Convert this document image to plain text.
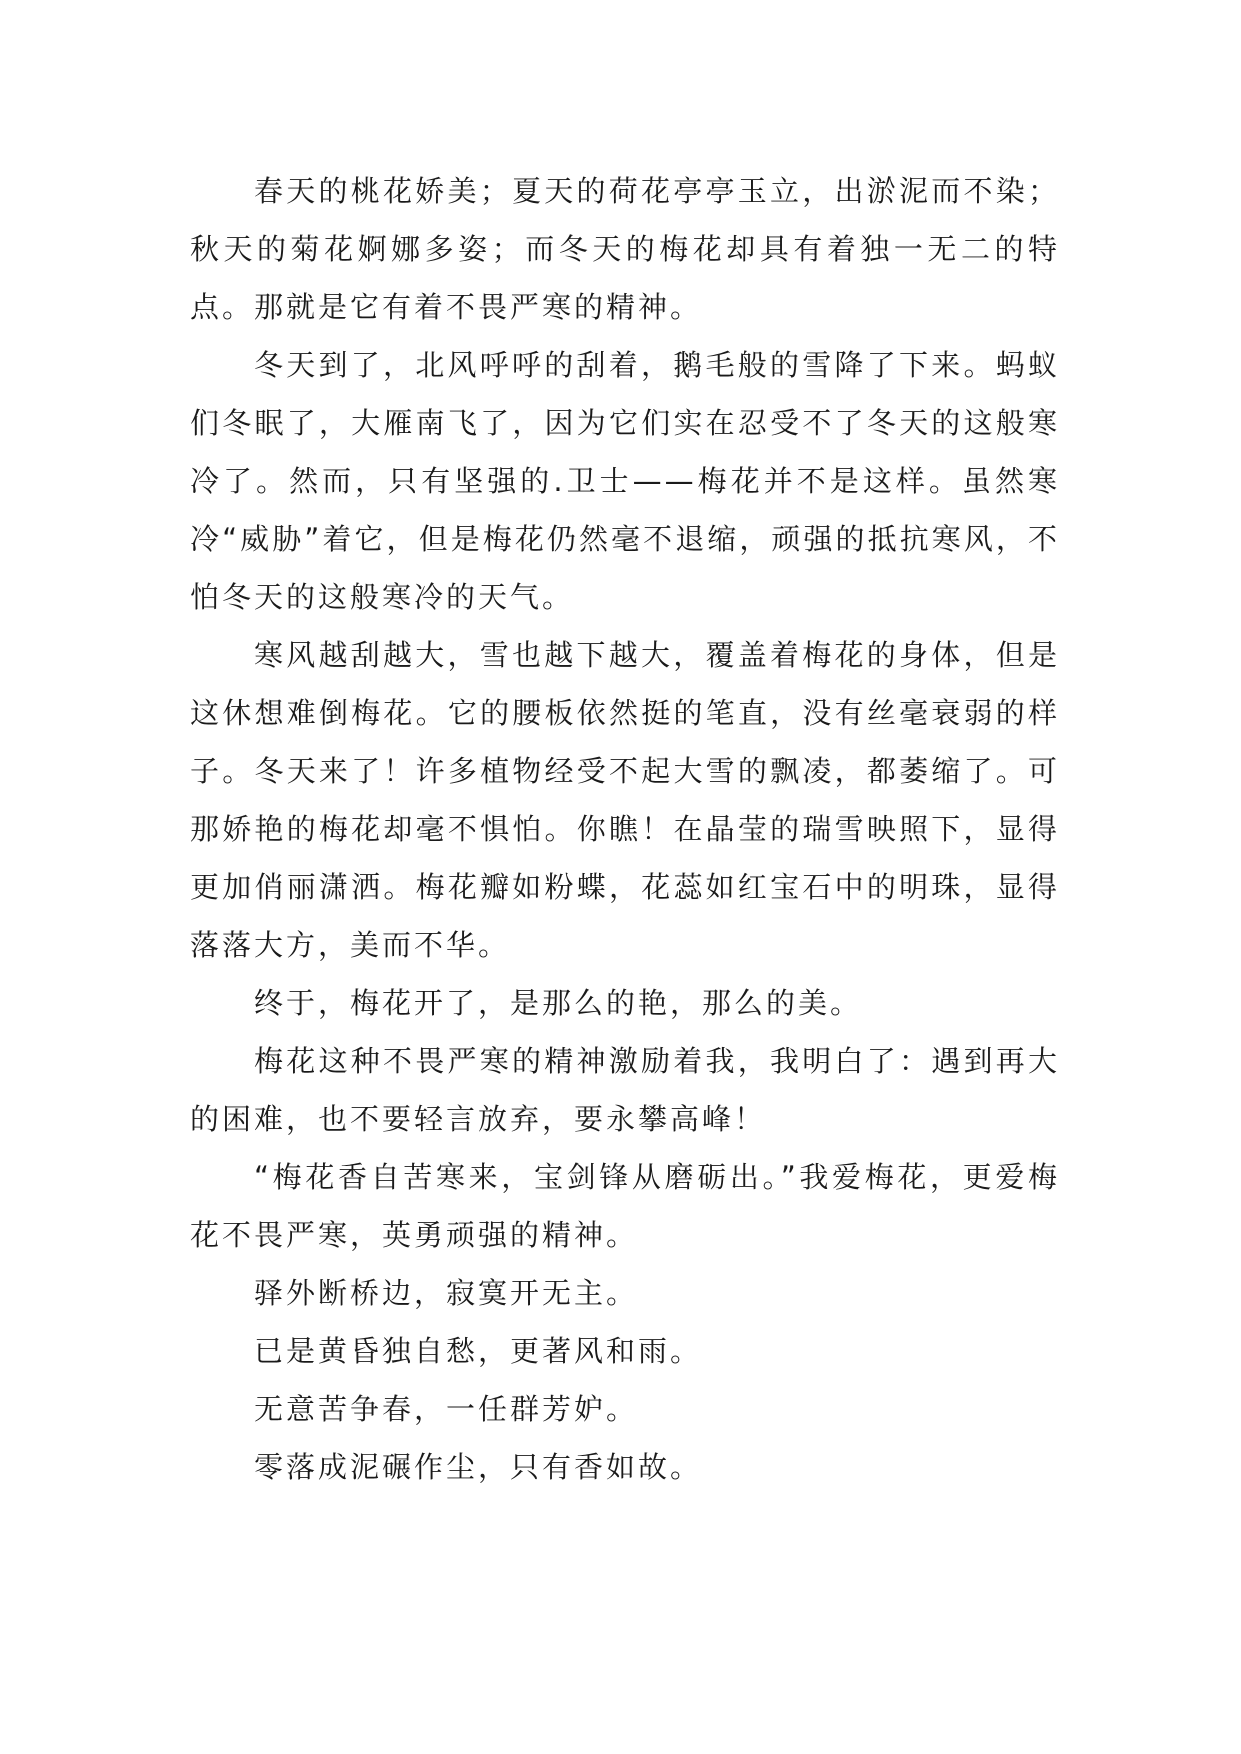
春天的桃花娇美；夏天的荷花亭亭玉立，出淤泥而不染；秋天的菊花婀娜多姿；而冬天的梅花却具有着独一无二的特点。那就是它有着不畏严寒的精神。

冬天到了，北风呼呼的刮着，鹅毛般的雪降了下来。蚂蚁们冬眠了，大雁南飞了，因为它们实在忍受不了冬天的这般寒冷了。然而，只有坚强的.卫士——梅花并不是这样。虽然寒冷“威胁”着它，但是梅花仍然毫不退缩，顽强的抵抗寒风，不怕冬天的这般寒冷的天气。

寒风越刮越大，雪也越下越大，覆盖着梅花的身体，但是这休想难倒梅花。它的腰板依然挺的笔直，没有丝毫衰弱的样子。冬天来了！许多植物经受不起大雪的飘凌，都萎缩了。可那娇艳的梅花却毫不惧怕。你瞧！在晶莹的瑞雪映照下，显得更加俏丽潇洒。梅花瓣如粉蝶，花蕊如红宝石中的明珠，显得落落大方，美而不华。

终于，梅花开了，是那么的艳，那么的美。

梅花这种不畏严寒的精神激励着我，我明白了：遇到再大的困难，也不要轻言放弃，要永攀高峰！

“梅花香自苦寒来，宝剑锋从磨砺出。”我爱梅花，更爱梅花不畏严寒，英勇顽强的精神。

驿外断桥边，寂寞开无主。

已是黄昏独自愁，更著风和雨。

无意苦争春，一任群芳妒。

零落成泥碾作尘，只有香如故。
